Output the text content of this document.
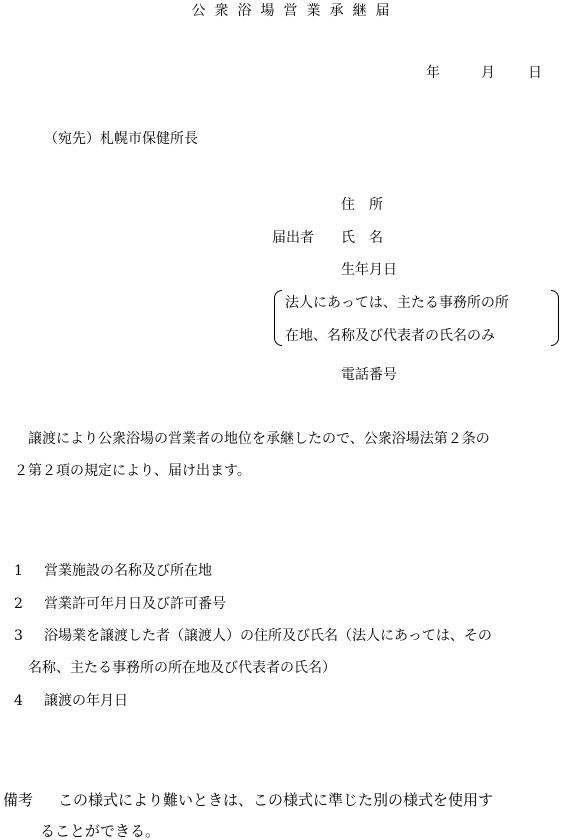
公衆浴場営業承継届
年	月 日
（宛先）札幌市保健所長
住　所
届出者 氏　名
生年月日
法人にあっては、主たる事務所の所
在地、名称及び代表者の氏名のみ
電話番号
譲渡により公衆浴場の営業者の地位を承継したので、公衆浴場法第２条の
２第２項の規定により、届け出ます。
1 営業施設の名称及び所在地
2 営業許可年月日及び許可番号
3 浴場業を譲渡した者（譲渡人）の住所及び氏名（法人にあっては、その
名称、主たる事務所の所在地及び代表者の氏名）
4 譲渡の年月日
備考 この様式により難いときは、この様式に準じた別の様式を使用す
ることができる。
